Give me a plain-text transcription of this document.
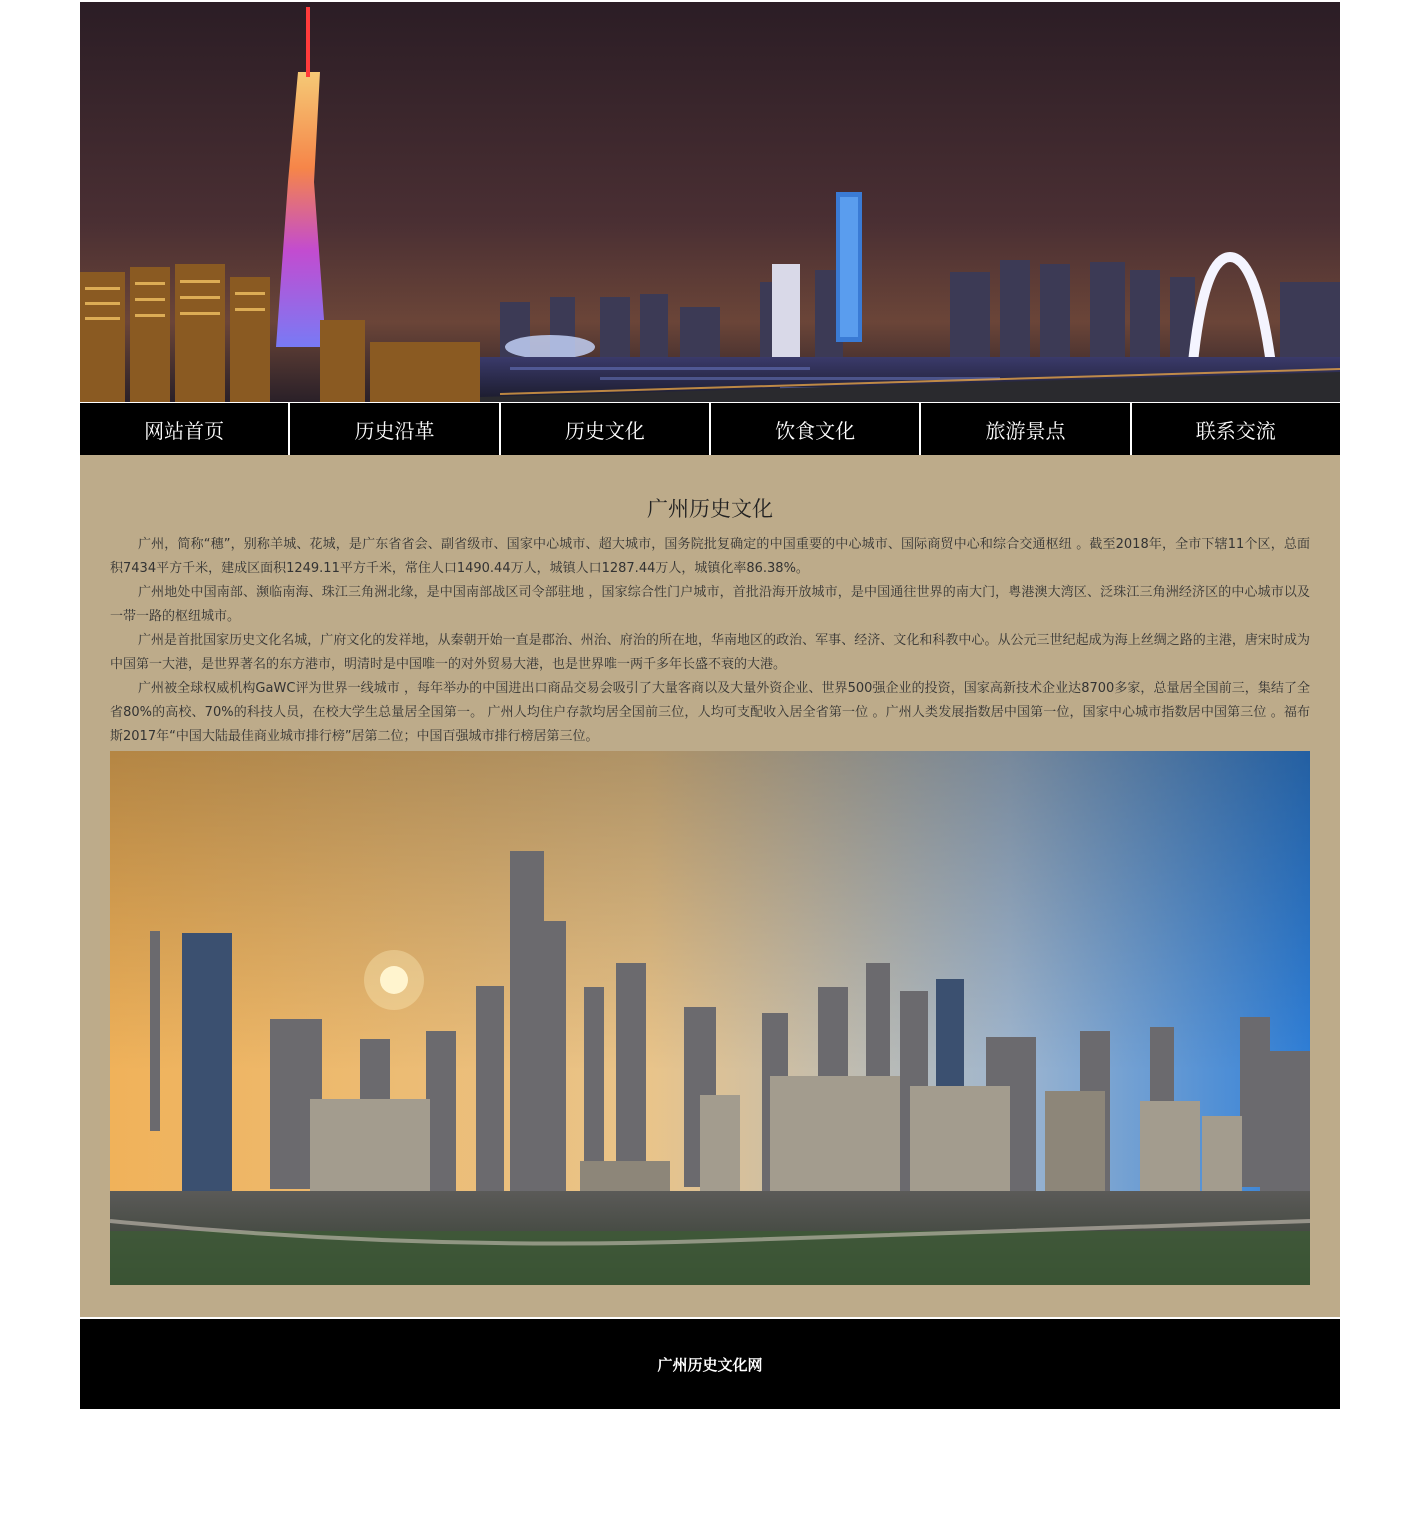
网站首页	历史沿革	历史文化	饮食文化	旅游景点	联系交流
广州历史文化

广州，简称“穗”，别称羊城、花城，是广东省省会、副省级市、国家中心城市、超大城市，国务院批复确定的中国重要的中心城市、国际商贸中心和综合交通枢纽 。截至2018年，全市下辖11个区，总面积7434平方千米，建成区面积1249.11平方千米，常住人口1490.44万人，城镇人口1287.44万人，城镇化率86.38%。

广州地处中国南部、濒临南海、珠江三角洲北缘，是中国南部战区司令部驻地 ，国家综合性门户城市，首批沿海开放城市，是中国通往世界的南大门，粤港澳大湾区、泛珠江三角洲经济区的中心城市以及一带一路的枢纽城市。

广州是首批国家历史文化名城，广府文化的发祥地，从秦朝开始一直是郡治、州治、府治的所在地，华南地区的政治、军事、经济、文化和科教中心。从公元三世纪起成为海上丝绸之路的主港，唐宋时成为中国第一大港，是世界著名的东方港市，明清时是中国唯一的对外贸易大港，也是世界唯一两千多年长盛不衰的大港。

广州被全球权威机构GaWC评为世界一线城市 ，每年举办的中国进出口商品交易会吸引了大量客商以及大量外资企业、世界500强企业的投资，国家高新技术企业达8700多家，总量居全国前三，集结了全省80%的高校、70%的科技人员，在校大学生总量居全国第一。 广州人均住户存款均居全国前三位，人均可支配收入居全省第一位 。广州人类发展指数居中国第一位，国家中心城市指数居中国第三位 。福布斯2017年“中国大陆最佳商业城市排行榜”居第二位；中国百强城市排行榜居第三位。

广州历史文化网
